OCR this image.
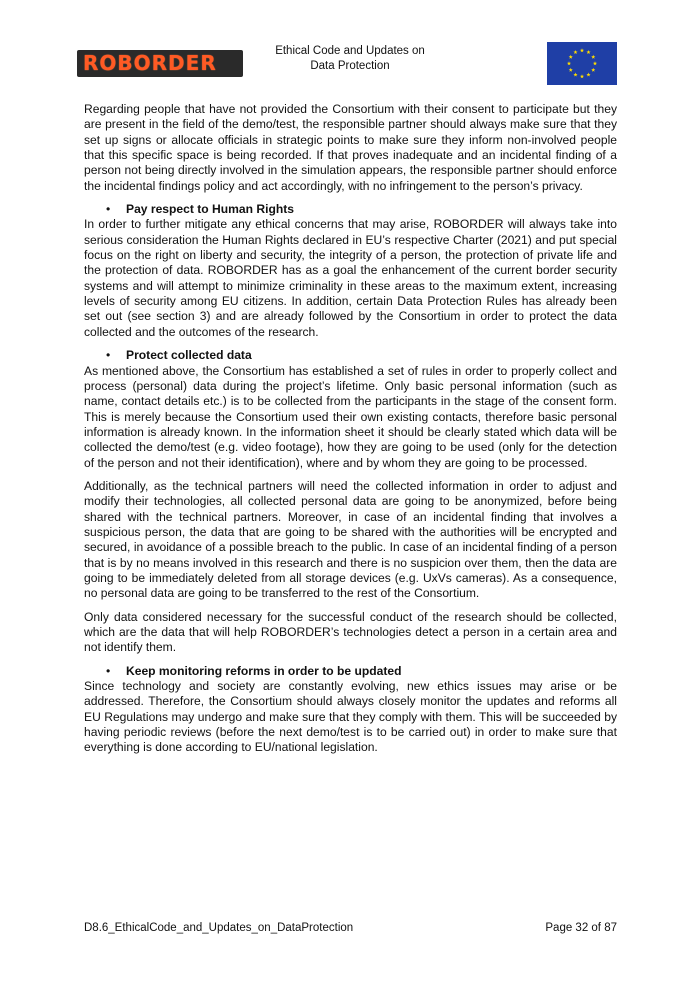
ROBORDER	Ethical Code and Updates on
Data Protection

Regarding people that have not provided the Consortium with their consent to participate but they are present in the field of the demo/test, the responsible partner should always make sure that they set up signs or allocate officials in strategic points to make sure they inform non-involved people that this specific space is being recorded. If that proves inadequate and an incidental finding of a person not being directly involved in the simulation appears, the responsible partner should enforce the incidental findings policy and act accordingly, with no infringement to the person’s privacy.

• Pay respect to Human Rights

In order to further mitigate any ethical concerns that may arise, ROBORDER will always take into serious consideration the Human Rights declared in EU’s respective Charter (2021) and put special focus on the right on liberty and security, the integrity of a person, the protection of private life and the protection of data. ROBORDER has as a goal the enhancement of the current border security systems and will attempt to minimize criminality in these areas to the maximum extent, increasing levels of security among EU citizens. In addition, certain Data Protection Rules has already been set out (see section 3) and are already followed by the Consortium in order to protect the data collected and the outcomes of the research.

• Protect collected data

As mentioned above, the Consortium has established a set of rules in order to properly collect and process (personal) data during the project’s lifetime. Only basic personal information (such as name, contact details etc.) is to be collected from the participants in the stage of the consent form. This is merely because the Consortium used their own existing contacts, therefore basic personal information is already known. In the information sheet it should be clearly stated which data will be collected the demo/test (e.g. video footage), how they are going to be used (only for the detection of the person and not their identification), where and by whom they are going to be processed.

Additionally, as the technical partners will need the collected information in order to adjust and modify their technologies, all collected personal data are going to be anonymized, before being shared with the technical partners. Moreover, in case of an incidental finding that involves a suspicious person, the data that are going to be shared with the authorities will be encrypted and secured, in avoidance of a possible breach to the public. In case of an incidental finding of a person that is by no means involved in this research and there is no suspicion over them, then the data are going to be immediately deleted from all storage devices (e.g. UxVs cameras). As a consequence, no personal data are going to be transferred to the rest of the Consortium.

Only data considered necessary for the successful conduct of the research should be collected, which are the data that will help ROBORDER’s technologies detect a person in a certain area and not identify them.

• Keep monitoring reforms in order to be updated

Since technology and society are constantly evolving, new ethics issues may arise or be addressed. Therefore, the Consortium should always closely monitor the updates and reforms all EU Regulations may undergo and make sure that they comply with them. This will be succeeded by having periodic reviews (before the next demo/test is to be carried out) in order to make sure that everything is done according to EU/national legislation.

D8.6_EthicalCode_and_Updates_on_DataProtection	Page 32 of 87
